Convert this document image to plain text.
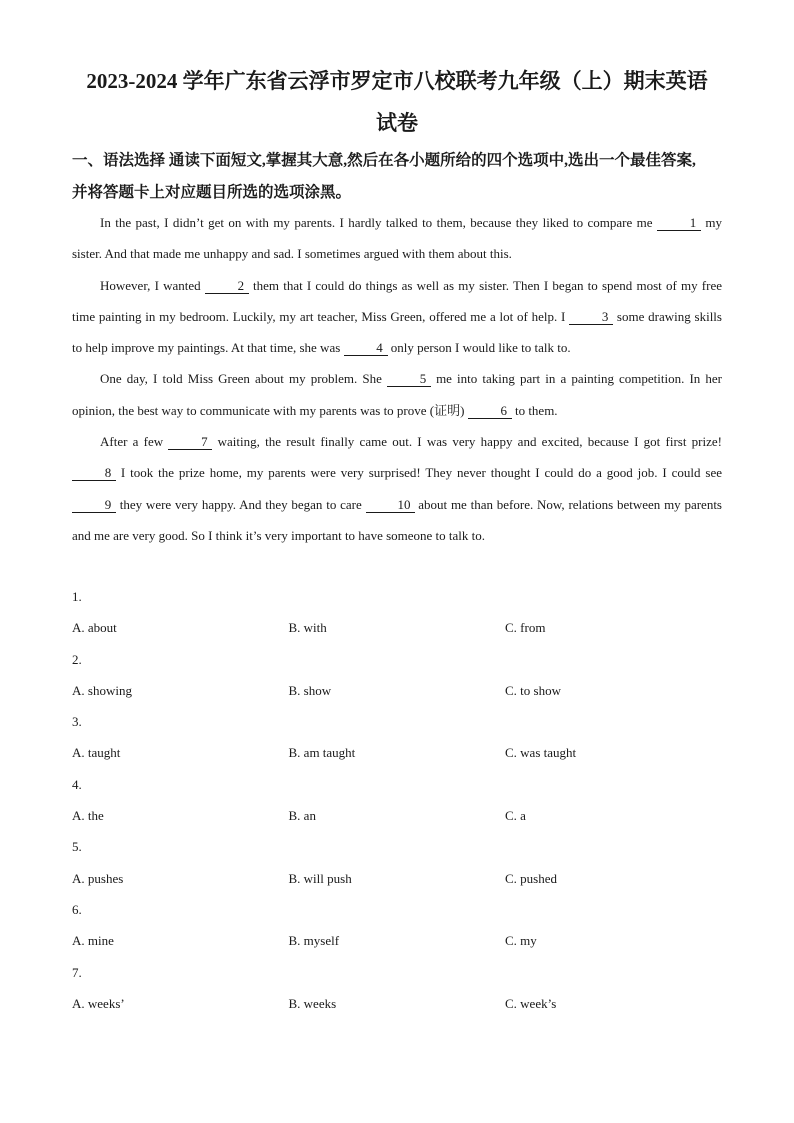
2023-2024 学年广东省云浮市罗定市八校联考九年级（上）期末英语
试卷
一、语法选择 通读下面短文,掌握其大意,然后在各小题所给的四个选项中,选出一个最佳答案,
并将答题卡上对应题目所选的选项涂黑。

In the past, I didn’t get on with my parents. I hardly talked to them, because they liked to compare me	1 my sister. And that made me unhappy and sad. I sometimes argued with them about this.

However, I wanted	2 them that I could do things as well as my sister. Then I began to spend most of my free time painting in my bedroom. Luckily, my art teacher, Miss Green, offered me a lot of help. I	3 some drawing skills to help improve my paintings. At that time, she was	4 only person I would like to talk to.

One day, I told Miss Green about my problem. She	5 me into taking part in a painting competition. In her opinion, the best way to communicate with my parents was to prove (证明)	6 to them.

After a few	7 waiting, the result finally came out. I was very happy and excited, because I got first prize! 8 I took the prize home, my parents were very surprised! They never thought I could do a good job. I could see 9 they were very happy. And they began to care 10 about me than before. Now, relations between my parents and me are very good. So I think it’s very important to have someone to talk to.

1.
A. about	B. with	C. from
2.
A. showing	B. show	C. to show
3.
A. taught	B. am taught	C. was taught
4.
A. the	B. an	C. a
5.
A. pushes	B. will push	C. pushed
6.
A. mine	B. myself	C. my
7.
A. weeks’	B. weeks	C. week’s
